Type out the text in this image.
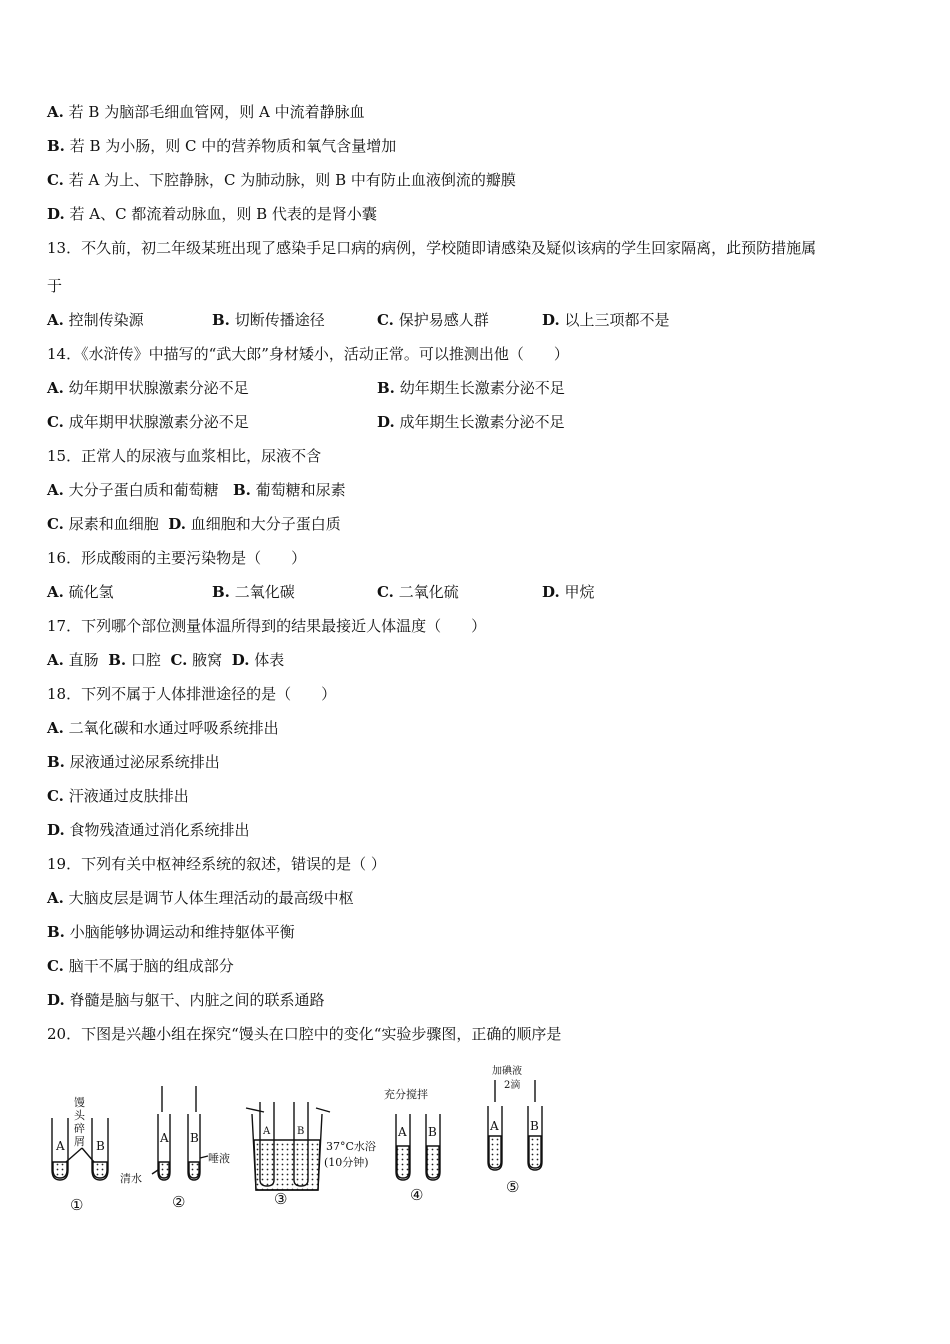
A. 若 B 为脑部毛细血管网，则 A 中流着静脉血
B. 若 B 为小肠，则 C 中的营养物质和氧气含量增加
C. 若 A 为上、下腔静脉，C 为肺动脉，则 B 中有防止血液倒流的瓣膜
D. 若 A、C 都流着动脉血，则 B 代表的是肾小囊
13．不久前，初二年级某班出现了感染手足口病的病例，学校随即请感染及疑似该病的学生回家隔离，此预防措施属
于
A. 控制传染源	B. 切断传播途径	C. 保护易感人群	D. 以上三项都不是
14．《水浒传》中描写的“武大郎”身材矮小，活动正常。可以推测出他（　　）
A. 幼年期甲状腺激素分泌不足	B. 幼年期生长激素分泌不足
C. 成年期甲状腺激素分泌不足	D. 成年期生长激素分泌不足
15．正常人的尿液与血浆相比，尿液不含
A. 大分子蛋白质和葡萄糖 B. 葡萄糖和尿素
C. 尿素和血细胞 D. 血细胞和大分子蛋白质
16．形成酸雨的主要污染物是（　　）
A. 硫化氢	B. 二氧化碳	C. 二氧化硫	D. 甲烷
17．下列哪个部位测量体温所得到的结果最接近人体温度（　　）
A. 直肠 B. 口腔 C. 腋窝 D. 体表
18．下列不属于人体排泄途径的是（　　）
A. 二氧化碳和水通过呼吸系统排出
B. 尿液通过泌尿系统排出
C. 汗液通过皮肤排出
D. 食物残渣通过消化系统排出
19．下列有关中枢神经系统的叙述，错误的是（ ）
A. 大脑皮层是调节人体生理活动的最高级中枢
B. 小脑能够协调运动和维持躯体平衡
C. 脑干不属于脑的组成部分
D. 脊髓是脑与躯干、内脏之间的联系通路
20．下图是兴趣小组在探究“馒头在口腔中的变化“实验步骤图，正确的顺序是
A	B
馒
头
碎
屑
①
A B
清水
唾液
②
A	B
37°C水浴
(10分钟)
③
充分搅拌
A B
④
加碘液
2滴
A	B
⑤
